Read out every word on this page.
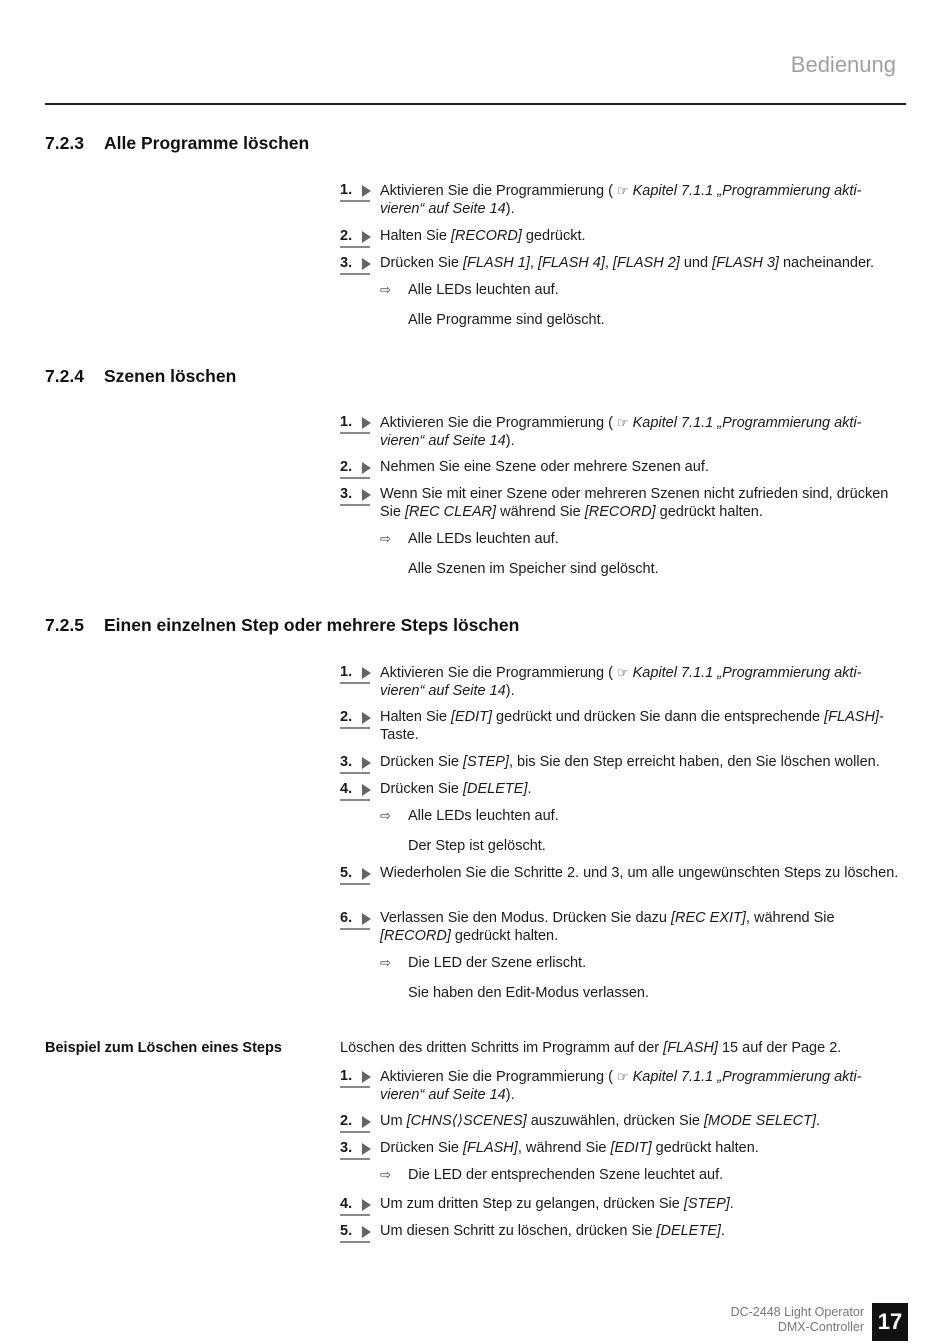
Bedienung
7.2.3 Alle Programme löschen
1.	Aktivieren Sie die Programmierung ( ☞ Kapitel 7.1.1 „Programmierung akti-
vieren“ auf Seite 14).
2.	Halten Sie [RECORD] gedrückt.
3.	Drücken Sie [FLASH 1], [FLASH 4], [FLASH 2] und [FLASH 3] nacheinander.
⇨ Alle LEDs leuchten auf.
Alle Programme sind gelöscht.
7.2.4 Szenen löschen
1.	Aktivieren Sie die Programmierung ( ☞ Kapitel 7.1.1 „Programmierung akti-
vieren“ auf Seite 14).
2.	Nehmen Sie eine Szene oder mehrere Szenen auf.
3.	Wenn Sie mit einer Szene oder mehreren Szenen nicht zufrieden sind, drücken Sie [REC CLEAR] während Sie [RECORD] gedrückt halten.
⇨ Alle LEDs leuchten auf.
Alle Szenen im Speicher sind gelöscht.
7.2.5 Einen einzelnen Step oder mehrere Steps löschen
1.	Aktivieren Sie die Programmierung ( ☞ Kapitel 7.1.1 „Programmierung akti-
vieren“ auf Seite 14).
2.	Halten Sie [EDIT] gedrückt und drücken Sie dann die entsprechende [FLASH]-Taste.
3.	Drücken Sie [STEP], bis Sie den Step erreicht haben, den Sie löschen wollen.
4.	Drücken Sie [DELETE].
⇨ Alle LEDs leuchten auf.
Der Step ist gelöscht.
5.	Wiederholen Sie die Schritte 2. und 3, um alle ungewünschten Steps zu löschen.
6.	Verlassen Sie den Modus. Drücken Sie dazu [REC EXIT], während Sie [RECORD] gedrückt halten.
⇨ Die LED der Szene erlischt.
Sie haben den Edit-Modus verlassen.
Beispiel zum Löschen eines Steps	Löschen des dritten Schritts im Programm auf der [FLASH] 15 auf der Page 2.
1.	Aktivieren Sie die Programmierung ( ☞ Kapitel 7.1.1 „Programmierung akti-
vieren“ auf Seite 14).
2.	Um [CHNS⟨⟩SCENES] auszuwählen, drücken Sie [MODE SELECT].
3.	Drücken Sie [FLASH], während Sie [EDIT] gedrückt halten.
⇨ Die LED der entsprechenden Szene leuchtet auf.
4.	Um zum dritten Step zu gelangen, drücken Sie [STEP].
5.	Um diesen Schritt zu löschen, drücken Sie [DELETE].
DC-2448 Light Operator
DMX-Controller 17
